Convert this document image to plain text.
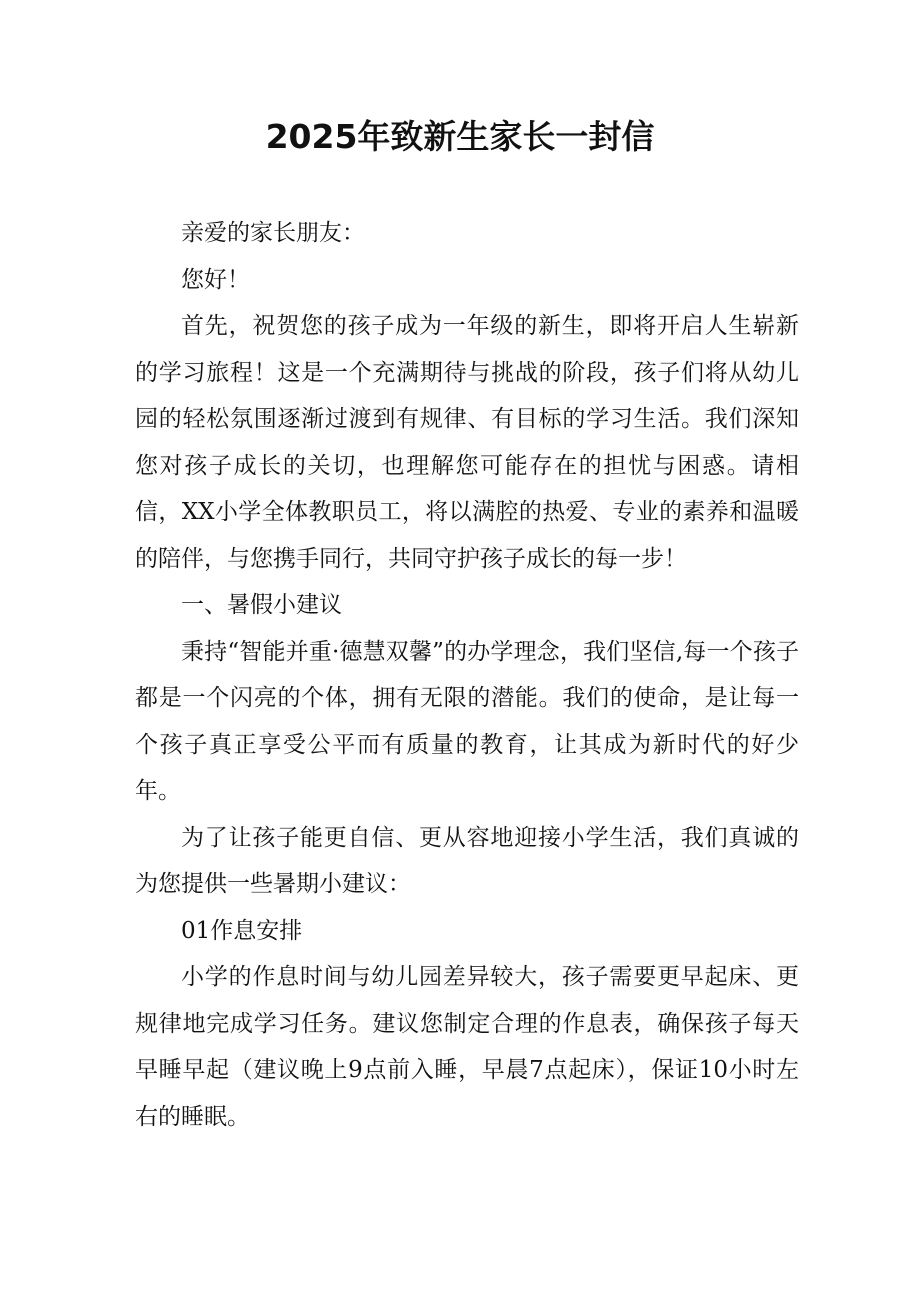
2025年致新生家长一封信

亲爱的家长朋友：

您好！

首先，祝贺您的孩子成为一年级的新生，即将开启人生崭新的学习旅程！这是一个充满期待与挑战的阶段，孩子们将从幼儿园的轻松氛围逐渐过渡到有规律、有目标的学习生活。我们深知您对孩子成长的关切，也理解您可能存在的担忧与困惑。请相信，XX小学全体教职员工，将以满腔的热爱、专业的素养和温暖的陪伴，与您携手同行，共同守护孩子成长的每一步！

一、暑假小建议

秉持“智能并重·德慧双馨”的办学理念，我们坚信,每一个孩子都是一个闪亮的个体，拥有无限的潜能。我们的使命，是让每一个孩子真正享受公平而有质量的教育，让其成为新时代的好少年。

为了让孩子能更自信、更从容地迎接小学生活，我们真诚的为您提供一些暑期小建议：

01作息安排

小学的作息时间与幼儿园差异较大，孩子需要更早起床、更规律地完成学习任务。建议您制定合理的作息表，确保孩子每天早睡早起（建议晚上9点前入睡，早晨7点起床），保证10小时左右的睡眠。
